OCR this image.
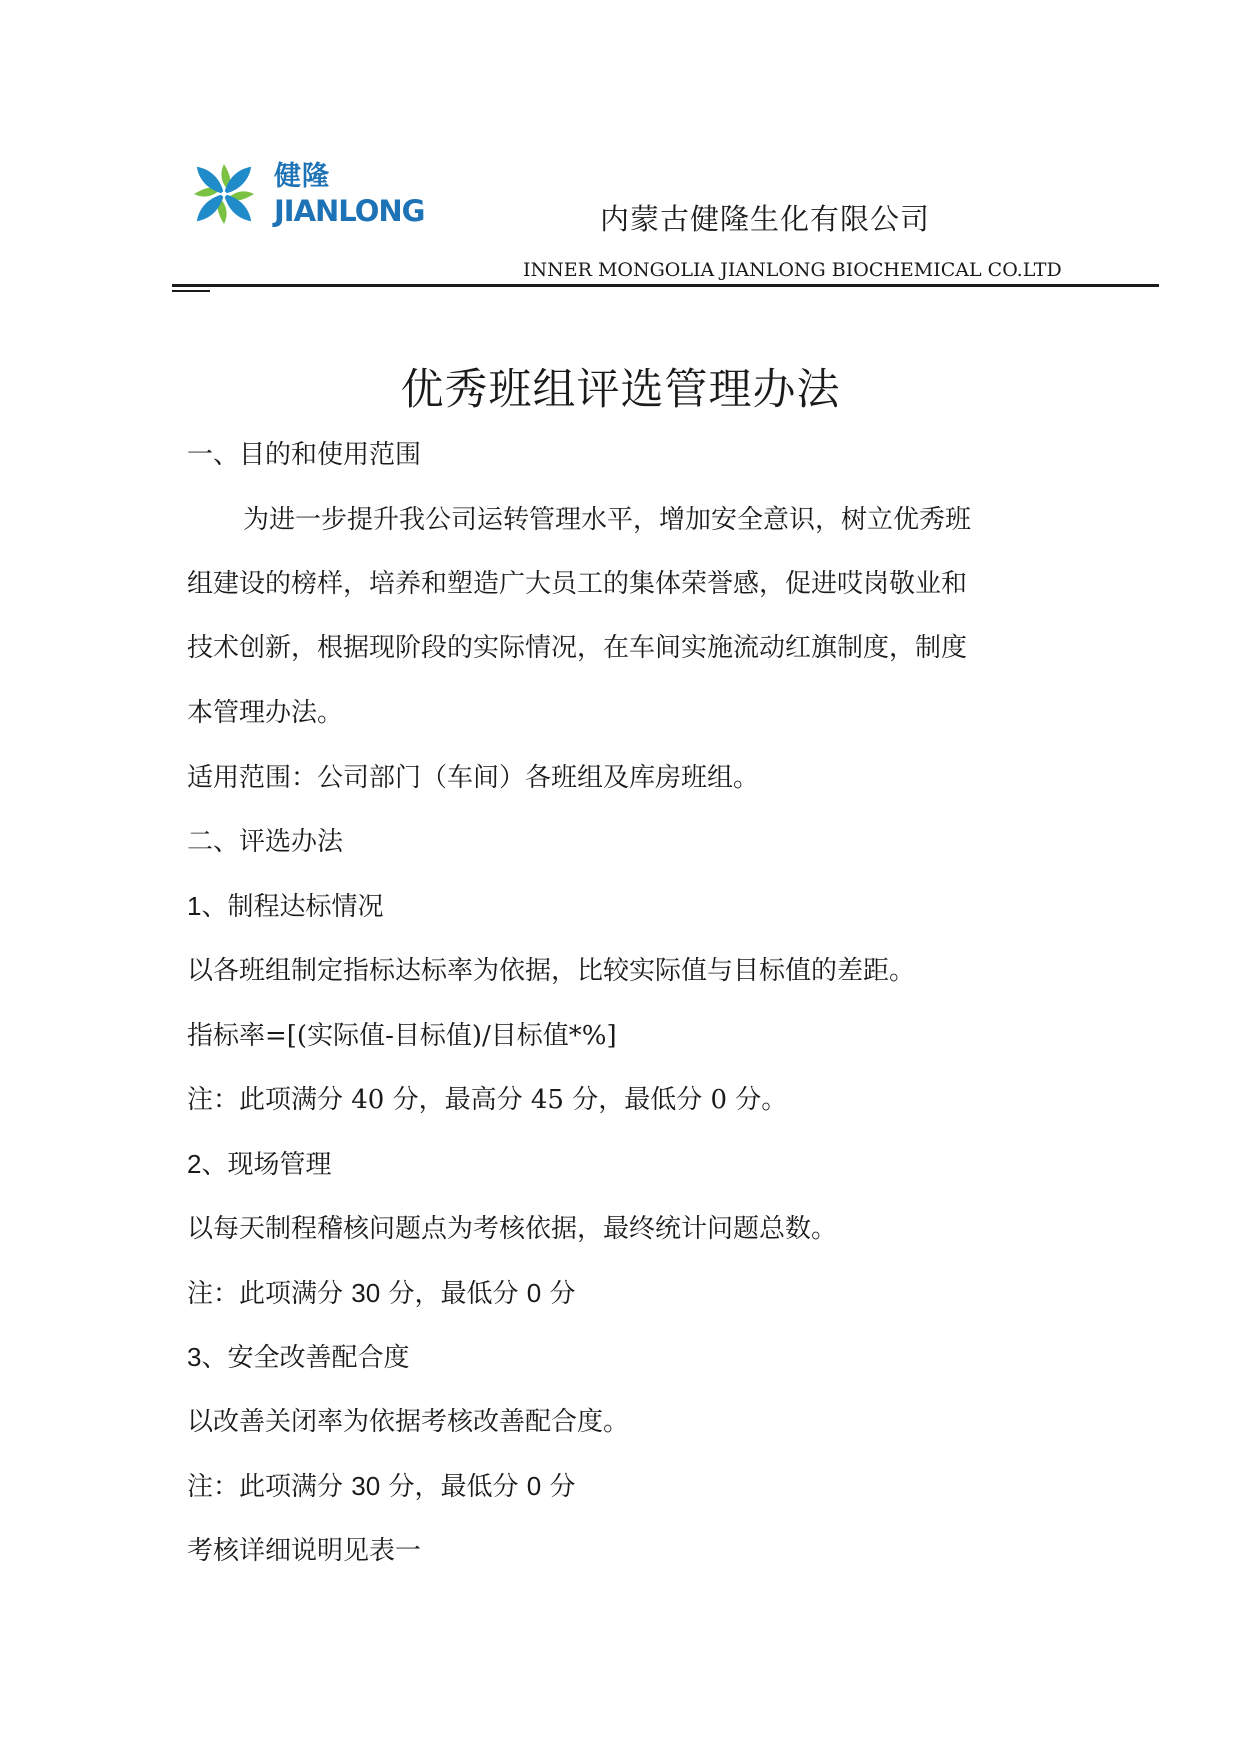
健隆
JIANLONG	内蒙古健隆生化有限公司
INNER MONGOLIA JIANLONG BIOCHEMICAL CO.LTD
优秀班组评选管理办法
一、目的和使用范围
为进一步提升我公司运转管理水平，增加安全意识，树立优秀班
组建设的榜样，培养和塑造广大员工的集体荣誉感，促进哎岗敬业和
技术创新，根据现阶段的实际情况，在车间实施流动红旗制度，制度
本管理办法。
适用范围：公司部门（车间）各班组及库房班组。
二、评选办法
1、制程达标情况
以各班组制定指标达标率为依据，比较实际值与目标值的差距。
指标率=[(实际值-目标值)/目标值*%]
注：此项满分 40 分，最高分 45 分，最低分 0 分。
2、现场管理
以每天制程稽核问题点为考核依据，最终统计问题总数。
注：此项满分 30 分，最低分 0 分
3、安全改善配合度
以改善关闭率为依据考核改善配合度。
注：此项满分 30 分，最低分 0 分
考核详细说明见表一
